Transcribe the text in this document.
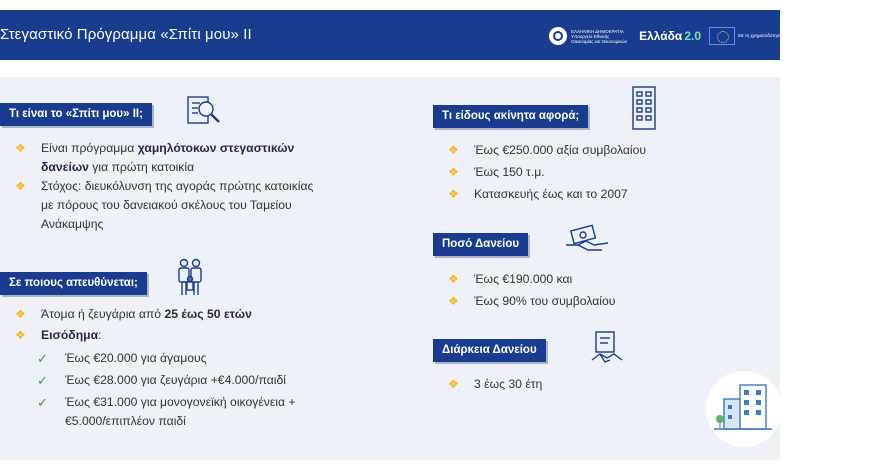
Στεγαστικό Πρόγραμμα «Σπίτι μου» ΙΙ	ΕΛΛΗΝΙΚΗ ΔΗΜΟΚΡΑΤΙΑ Υπουργείο Εθνικής Οικονομίας και Οικονομικών Ελλάδα 2.0	Με τη χρηματοδότηση της Ευρωπαϊκής Ένωσης NextGenerationEU
Τι είναι το «Σπίτι μου» ΙΙ;
❖ Είναι πρόγραμμα χαμηλότοκων στεγαστικών δανείων για πρώτη κατοικία
❖ Στόχος: διευκόλυνση της αγοράς πρώτης κατοικίας με πόρους του δανειακού σκέλους του Ταμείου Ανάκαμψης
Σε ποιους απευθύνεται;
❖ Άτομα ή ζευγάρια από 25 έως 50 ετών
❖ Εισόδημα:
✓ Έως €20.000 για άγαμους
✓ Έως €28.000 για ζευγάρια +€4.000/παιδί
✓ Έως €31.000 για μονογονεϊκή οικογένεια +€5.000/επιπλέον παιδί
Τι είδους ακίνητα αφορά;
❖ Έως €250.000 αξία συμβολαίου
❖ Έως 150 τ.μ.
❖ Κατασκευής έως και το 2007
Ποσό Δανείου
❖ Έως €190.000 και
❖ Έως 90% του συμβολαίου
Διάρκεια Δανείου
❖ 3 έως 30 έτη
